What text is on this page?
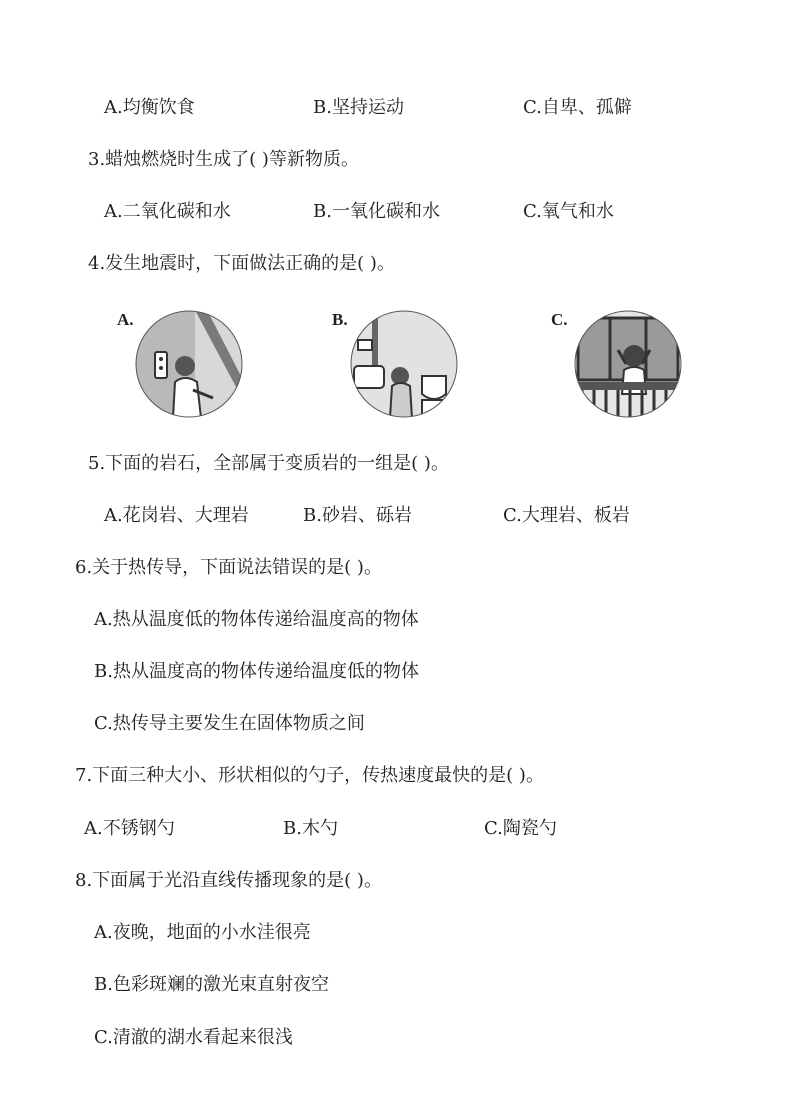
A.均衡饮食	B.坚持运动	C.自卑、孤僻
3.蜡烛燃烧时生成了( )等新物质。
A.二氧化碳和水	B.一氧化碳和水	C.氧气和水
4.发生地震时，下面做法正确的是( )。
A.	B.	C.
5.下面的岩石，全部属于变质岩的一组是( )。
A.花岗岩、大理岩	B.砂岩、砾岩	C.大理岩、板岩
6.关于热传导，下面说法错误的是( )。
A.热从温度低的物体传递给温度高的物体
B.热从温度高的物体传递给温度低的物体
C.热传导主要发生在固体物质之间
7.下面三种大小、形状相似的勺子，传热速度最快的是( )。
A.不锈钢勺	B.木勺	C.陶瓷勺
8.下面属于光沿直线传播现象的是( )。
A.夜晚，地面的小水洼很亮
B.色彩斑斓的激光束直射夜空
C.清澈的湖水看起来很浅
